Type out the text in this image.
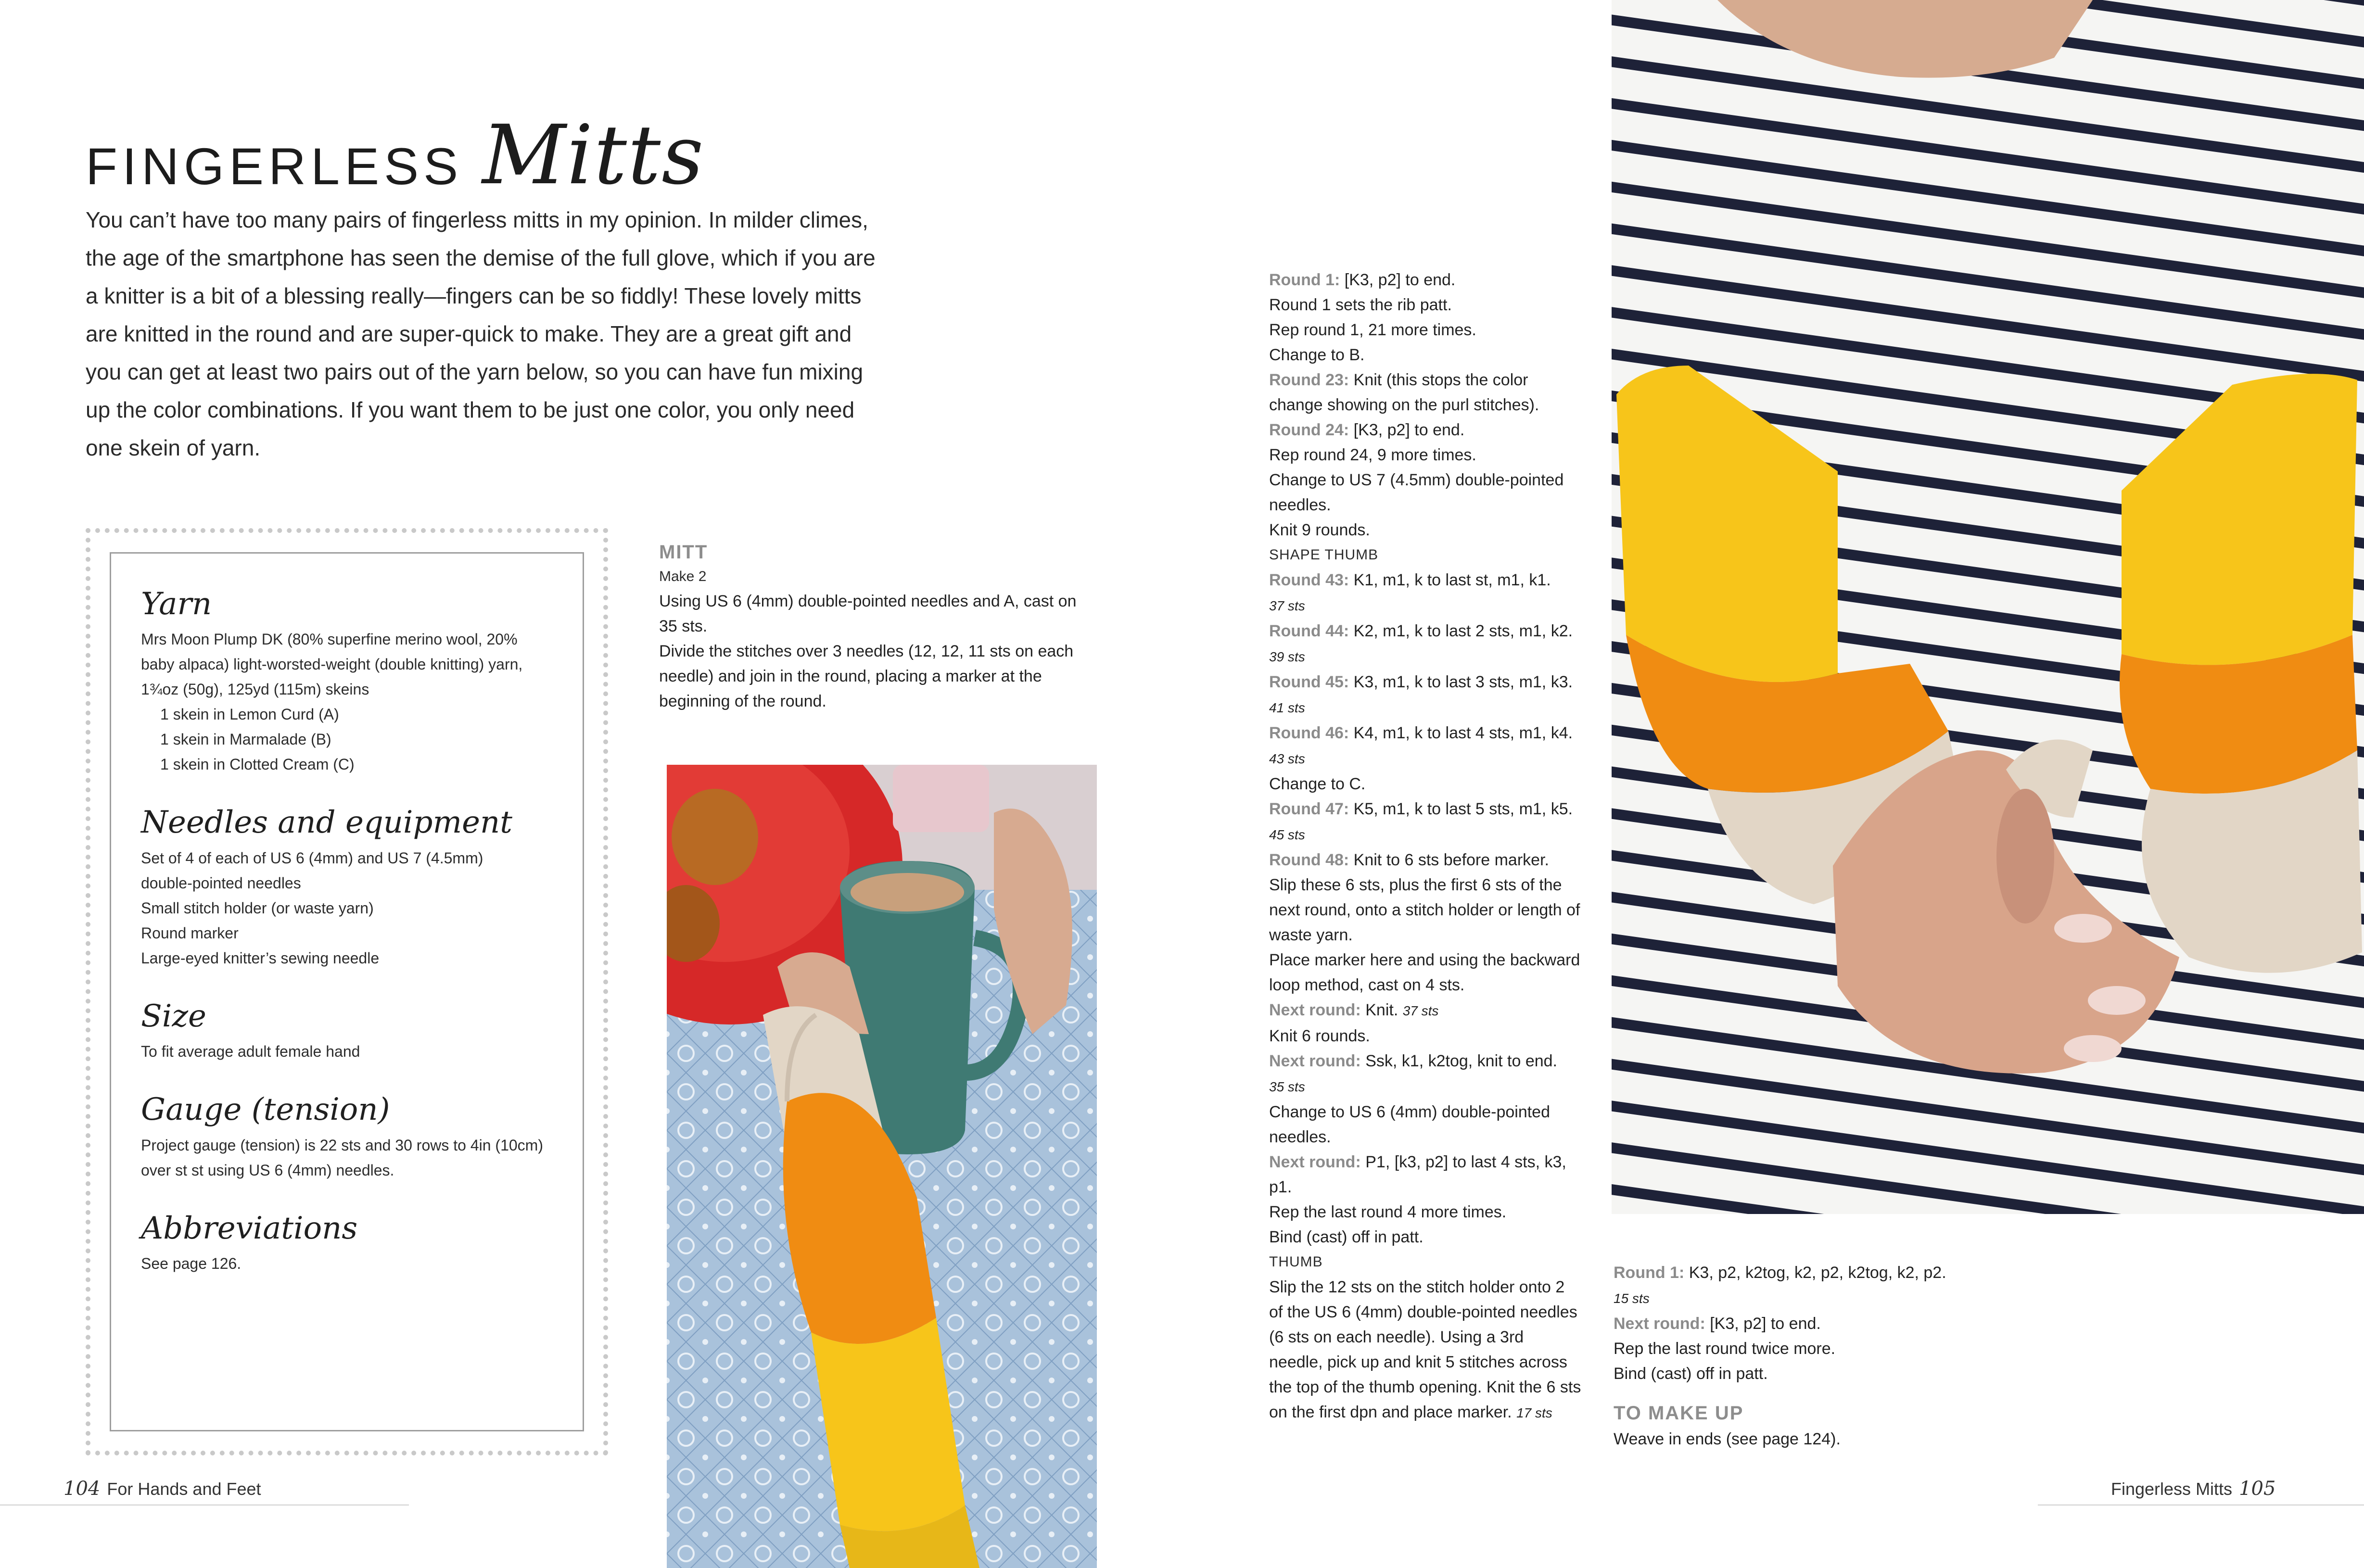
FINGERLESS Mitts

You can’t have too many pairs of fingerless mitts in my opinion. In milder climes, the age of the smartphone has seen the demise of the full glove, which if you are a knitter is a bit of a blessing really—fingers can be so fiddly! These lovely mitts are knitted in the round and are super-quick to make. They are a great gift and you can get at least two pairs out of the yarn below, so you can have fun mixing up the color combinations. If you want them to be just one color, you only need one skein of yarn.

Yarn
Mrs Moon Plump DK (80% superfine merino wool, 20% baby alpaca) light-worsted-weight (double knitting) yarn, 1¾oz (50g), 125yd (115m) skeins
1 skein in Lemon Curd (A)
1 skein in Marmalade (B)
1 skein in Clotted Cream (C)
Needles and equipment
Set of 4 of each of US 6 (4mm) and US 7 (4.5mm)
double-pointed needles
Small stitch holder (or waste yarn)
Round marker
Large-eyed knitter’s sewing needle
Size
To fit average adult female hand
Gauge (tension)
Project gauge (tension) is 22 sts and 30 rows to 4in (10cm) over st st using US 6 (4mm) needles.
Abbreviations
See page 126.
MITT
Make 2

Using US 6 (4mm) double-pointed needles and A, cast on 35 sts.

Divide the stitches over 3 needles (12, 12, 11 sts on each needle) and join in the round, placing a marker at the beginning of the round.

Round 1: [K3, p2] to end.

Round 1 sets the rib patt.

Rep round 1, 21 more times.

Change to B.

Round 23: Knit (this stops the color change showing on the purl stitches).

Round 24: [K3, p2] to end.

Rep round 24, 9 more times.

Change to US 7 (4.5mm) double-pointed needles.

Knit 9 rounds.

SHAPE THUMB

Round 43: K1, m1, k to last st, m1, k1.
37 sts

Round 44: K2, m1, k to last 2 sts, m1, k2. 39 sts

Round 45: K3, m1, k to last 3 sts, m1, k3. 41 sts

Round 46: K4, m1, k to last 4 sts, m1, k4. 43 sts

Change to C.

Round 47: K5, m1, k to last 5 sts, m1, k5. 45 sts

Round 48: Knit to 6 sts before marker.

Slip these 6 sts, plus the first 6 sts of the next round, onto a stitch holder or length of waste yarn.

Place marker here and using the backward loop method, cast on 4 sts.

Next round: Knit. 37 sts

Knit 6 rounds.

Next round: Ssk, k1, k2tog, knit to end.
35 sts

Change to US 6 (4mm) double-pointed needles.

Next round: P1, [k3, p2] to last 4 sts, k3, p1.

Rep the last round 4 more times.

Bind (cast) off in patt.

THUMB

Slip the 12 sts on the stitch holder onto 2 of the US 6 (4mm) double-pointed needles (6 sts on each needle). Using a 3rd needle, pick up and knit 5 stitches across the top of the thumb opening. Knit the 6 sts on the first dpn and place marker. 17 sts

Round 1: K3, p2, k2tog, k2, p2, k2tog, k2, p2. 15 sts

Next round: [K3, p2] to end.

Rep the last round twice more.

Bind (cast) off in patt.

TO MAKE UP

Weave in ends (see page 124).

104 For Hands and Feet	Fingerless Mitts 105
